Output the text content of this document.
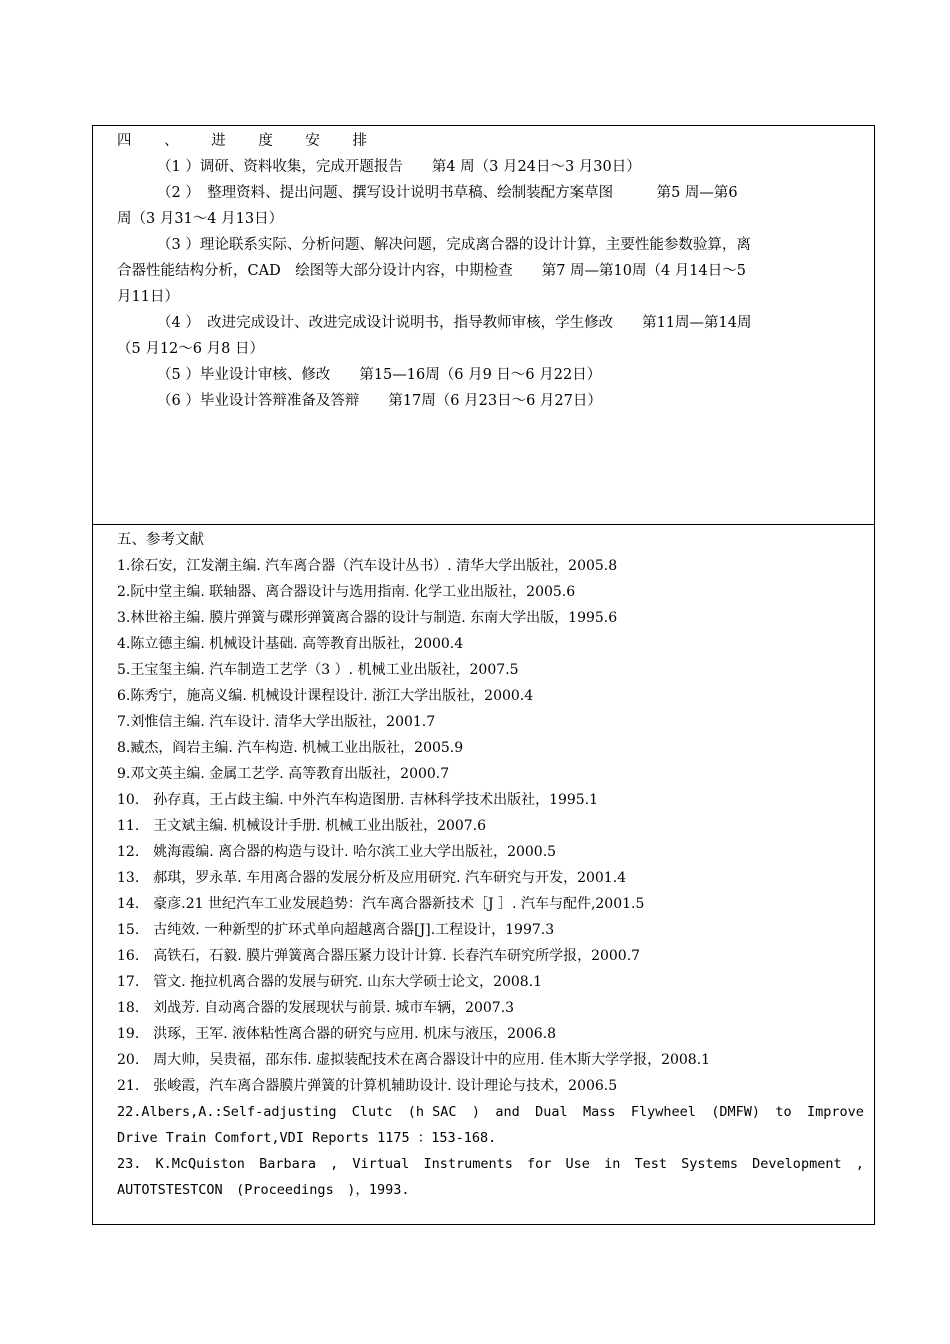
四 、 进 度 安 排
（1 ）调研、资料收集，完成开题报告　　第4 周（3 月24日～3 月30日）
（2 ）　整理资料、提出问题、撰写设计说明书草稿、绘制装配方案草图　　　第5 周—第6
周（3 月31～4 月13日）
（3 ）理论联系实际、分析问题、解决问题，完成离合器的设计计算，主要性能参数验算，离
合器性能结构分析，CAD　绘图等大部分设计内容，中期检查　　第7 周—第10周（4 月14日～5
月11日）
（4 ）　改进完成设计、改进完成设计说明书，指导教师审核，学生修改　　第11周—第14周
（5 月12～6 月8 日）
（5 ）毕业设计审核、修改　　第15—16周（6 月9 日～6 月22日）
（6 ）毕业设计答辩准备及答辩　　第17周（6 月23日～6 月27日）
五、参考文献
1.徐石安，江发潮主编. 汽车离合器（汽车设计丛书）. 清华大学出版社，2005.8
2.阮中堂主编. 联轴器、离合器设计与选用指南. 化学工业出版社，2005.6
3.林世裕主编. 膜片弹簧与碟形弹簧离合器的设计与制造. 东南大学出版，1995.6
4.陈立德主编. 机械设计基础. 高等教育出版社，2000.4
5.王宝玺主编. 汽车制造工艺学（3 ）. 机械工业出版社，2007.5
6.陈秀宁，施高义编. 机械设计课程设计. 浙江大学出版社，2000.4
7.刘惟信主编. 汽车设计. 清华大学出版社，2001.7
8.臧杰，阎岩主编. 汽车构造. 机械工业出版社，2005.9
9.邓文英主编. 金属工艺学. 高等教育出版社，2000.7
10.　孙存真，王占歧主编. 中外汽车构造图册. 吉林科学技术出版社，1995.1
11.　王文斌主编. 机械设计手册. 机械工业出版社，2007.6
12.　姚海霞编. 离合器的构造与设计. 哈尔滨工业大学出版社，2000.5
13.　郝琪，罗永革. 车用离合器的发展分析及应用研究. 汽车研究与开发，2001.4
14.　豪彦.21 世纪汽车工业发展趋势：汽车离合器新技术［J ］. 汽车与配件,2001.5
15.　古纯效. 一种新型的扩环式单向超越离合器[J].工程设计，1997.3
16.　高铁石，石毅. 膜片弹簧离合器压紧力设计计算. 长春汽车研究所学报，2000.7
17.　管文. 拖拉机离合器的发展与研究. 山东大学硕士论文，2008.1
18.　刘战芳. 自动离合器的发展现状与前景. 城市车辆，2007.3
19.　洪琢，王军. 液体粘性离合器的研究与应用. 机床与液压，2006.8
20.　周大帅，吴贵福，邵东伟. 虚拟装配技术在离合器设计中的应用. 佳木斯大学学报，2008.1
21.　张峻霞，汽车离合器膜片弹簧的计算机辅助设计. 设计理论与技术，2006.5
22.Albers,A.:Self-adjusting Clutc (h SAC ) and Dual Mass Flywheel (DMFW) to Improve
Drive Train Comfort,VDI Reports 1175 ：153-168.
23. K.McQuiston Barbara , Virtual Instruments for Use in Test Systems Development ,
AUTOTSTESTCON　(Proceedings　)，1993.
